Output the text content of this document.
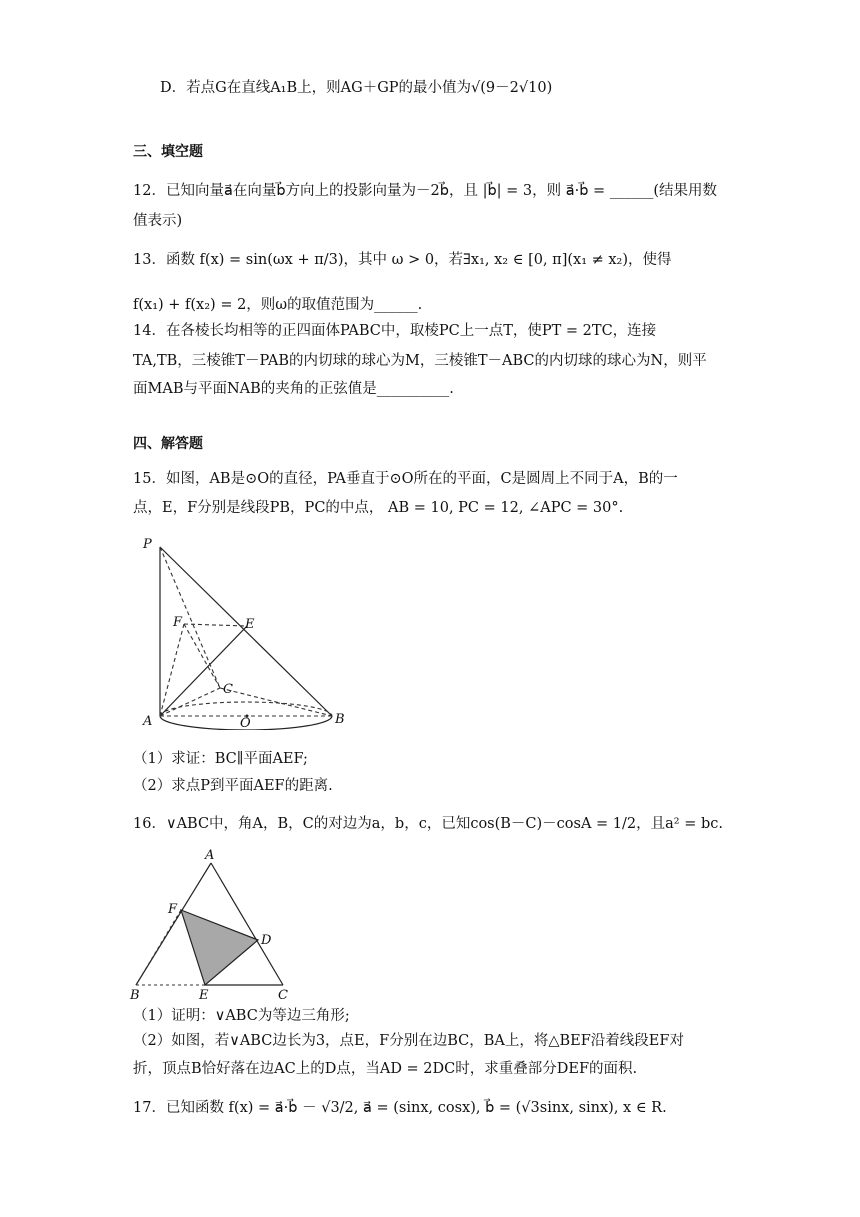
D．若点G在直线A₁B上，则AG＋GP的最小值为√(9－2√10)
三、填空题
12．已知向量a⃗在向量b⃗方向上的投影向量为－2b⃗，且 |b⃗| = 3，则 a⃗·b⃗ = ______(结果用数
值表示)
13．函数 f(x) = sin(ωx + π/3)，其中 ω > 0，若∃x₁, x₂ ∈ [0, π](x₁ ≠ x₂)，使得
f(x₁) + f(x₂) = 2，则ω的取值范围为______.
14．在各棱长均相等的正四面体PABC中，取棱PC上一点T，使PT = 2TC，连接
TA,TB，三棱锥T－PAB的内切球的球心为M，三棱锥T－ABC的内切球的球心为N，则平
面MAB与平面NAB的夹角的正弦值是__________.
四、解答题
15．如图，AB是⊙O的直径，PA垂直于⊙O所在的平面，C是圆周上不同于A，B的一
点，E，F分别是线段PB，PC的中点， AB = 10, PC = 12, ∠APC = 30°.
P
F	E
C
A	O	B
（1）求证：BC∥平面AEF;
（2）求点P到平面AEF的距离.
16．∨ABC中，角A，B，C的对边为a，b，c，已知cos(B－C)－cosA = 1/2，且a² = bc.
A
F
D
B	E	C
（1）证明：∨ABC为等边三角形;
（2）如图，若∨ABC边长为3，点E，F分别在边BC，BA上，将△BEF沿着线段EF对
折，顶点B恰好落在边AC上的D点，当AD = 2DC时，求重叠部分DEF的面积.
17．已知函数 f(x) = a⃗·b⃗ － √3/2, a⃗ = (sinx, cosx), b⃗ = (√3sinx, sinx), x ∈ R.
